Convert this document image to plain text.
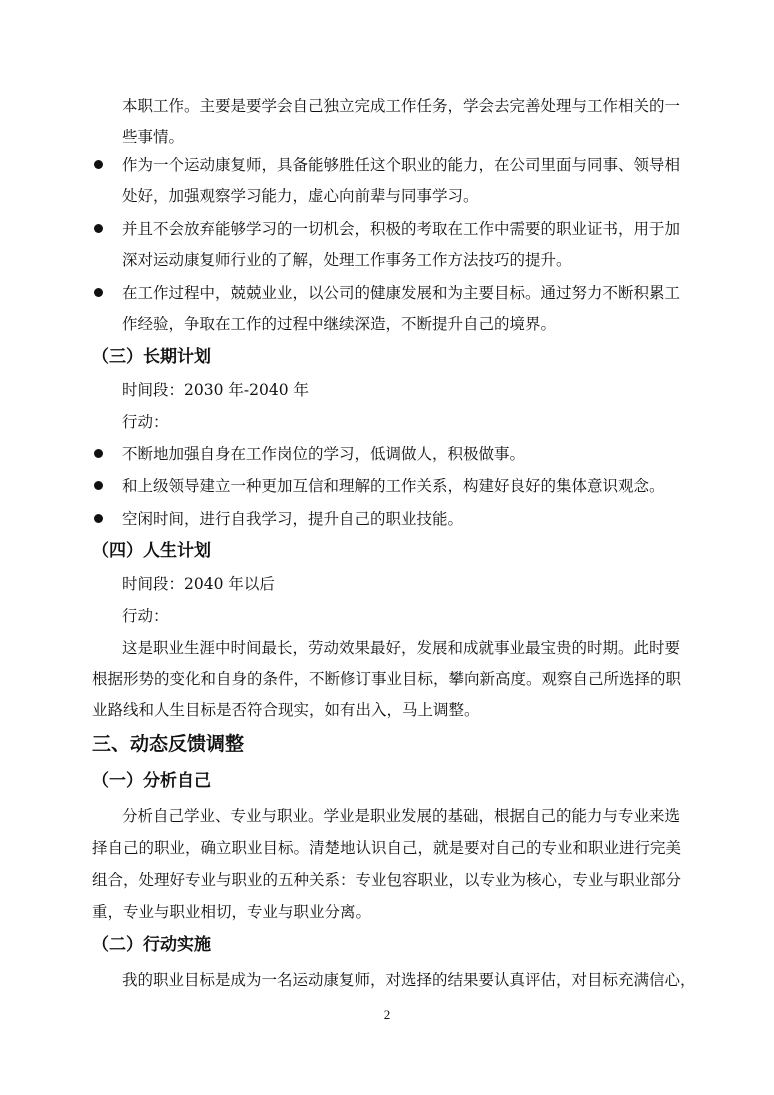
本职工作。主要是要学会自己独立完成工作任务，学会去完善处理与工作相关的一
些事情。
作为一个运动康复师，具备能够胜任这个职业的能力，在公司里面与同事、领导相
处好，加强观察学习能力，虚心向前辈与同事学习。
并且不会放弃能够学习的一切机会，积极的考取在工作中需要的职业证书，用于加
深对运动康复师行业的了解，处理工作事务工作方法技巧的提升。
在工作过程中，兢兢业业，以公司的健康发展和为主要目标。通过努力不断积累工
作经验，争取在工作的过程中继续深造，不断提升自己的境界。
（三）长期计划
时间段：2030 年-2040 年
行动：
不断地加强自身在工作岗位的学习，低调做人，积极做事。
和上级领导建立一种更加互信和理解的工作关系，构建好良好的集体意识观念。
空闲时间，进行自我学习，提升自己的职业技能。
（四）人生计划
时间段：2040 年以后
行动：
这是职业生涯中时间最长，劳动效果最好，发展和成就事业最宝贵的时期。此时要
根据形势的变化和自身的条件，不断修订事业目标，攀向新高度。观察自己所选择的职
业路线和人生目标是否符合现实，如有出入，马上调整。
三、动态反馈调整
（一）分析自己
分析自己学业、专业与职业。学业是职业发展的基础，根据自己的能力与专业来选
择自己的职业，确立职业目标。清楚地认识自己，就是要对自己的专业和职业进行完美
组合，处理好专业与职业的五种关系：专业包容职业，以专业为核心，专业与职业部分
重，专业与职业相切，专业与职业分离。
（二）行动实施
我的职业目标是成为一名运动康复师，对选择的结果要认真评估，对目标充满信心，
2
